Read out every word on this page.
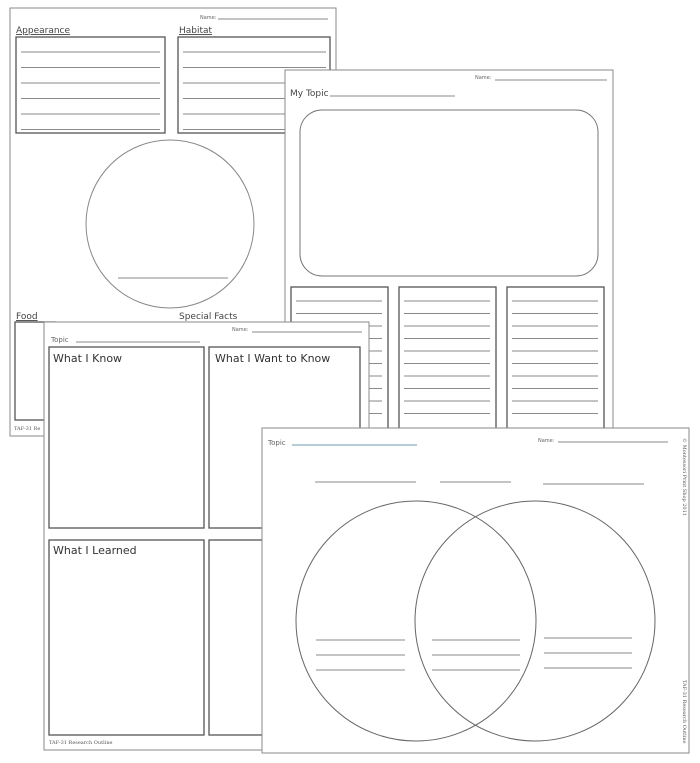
Name:
Appearance	Habitat
Food	Special Facts
TAF-31 Re
Name:
My Topic
Name:
Topic
What I Know	What I Want to Know
What I Learned
TAF-31 Research Outline
Topic	Name:	© Montessori Print Shop 2011
TAF-31 Research Outline
